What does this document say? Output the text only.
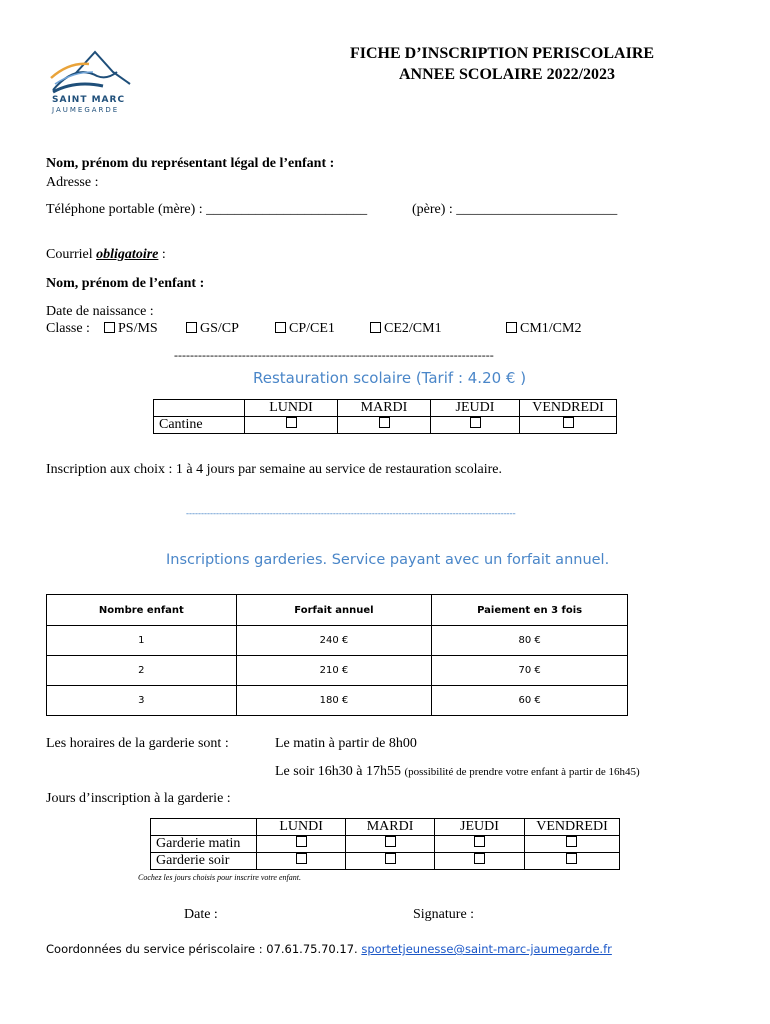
SAINT MARC
JAUMEGARDE
FICHE D’INSCRIPTION PERISCOLAIRE
ANNEE SCOLAIRE 2022/2023
Nom, prénom du représentant légal de l’enfant :
Adresse :
Téléphone portable (mère) : _______________________	(père) : _______________________
Courriel obligatoire :
Nom, prénom de l’enfant :
Date de naissance :
Classe :	PS/MS	GS/CP	CP/CE1	CE2/CM1	CM1/CM2
--------------------------------------------------------------------------------
Restauration scolaire (Tarif : 4.20 € )
	LUNDI	MARDI	JEUDI	VENDREDI
Cantine				
Inscription aux choix : 1 à 4 jours par semaine au service de restauration scolaire.
--------------------------------------------------------------------------------------------------------------
Inscriptions garderies. Service payant avec un forfait annuel.
Nombre enfant	Forfait annuel	Paiement en 3 fois
1	240 €	80 €
2	210 €	70 €
3	180 €	60 €
Les horaires de la garderie sont :	Le matin à partir de 8h00
Le soir 16h30 à 17h55 (possibilité de prendre votre enfant à partir de 16h45)
Jours d’inscription à la garderie :
	LUNDI	MARDI	JEUDI	VENDREDI
Garderie matin				
Garderie soir				
Cochez les jours choisis pour inscrire votre enfant.
Date :	Signature :
Coordonnées du service périscolaire : 07.61.75.70.17. sportetjeunesse@saint-marc-jaumegarde.fr
